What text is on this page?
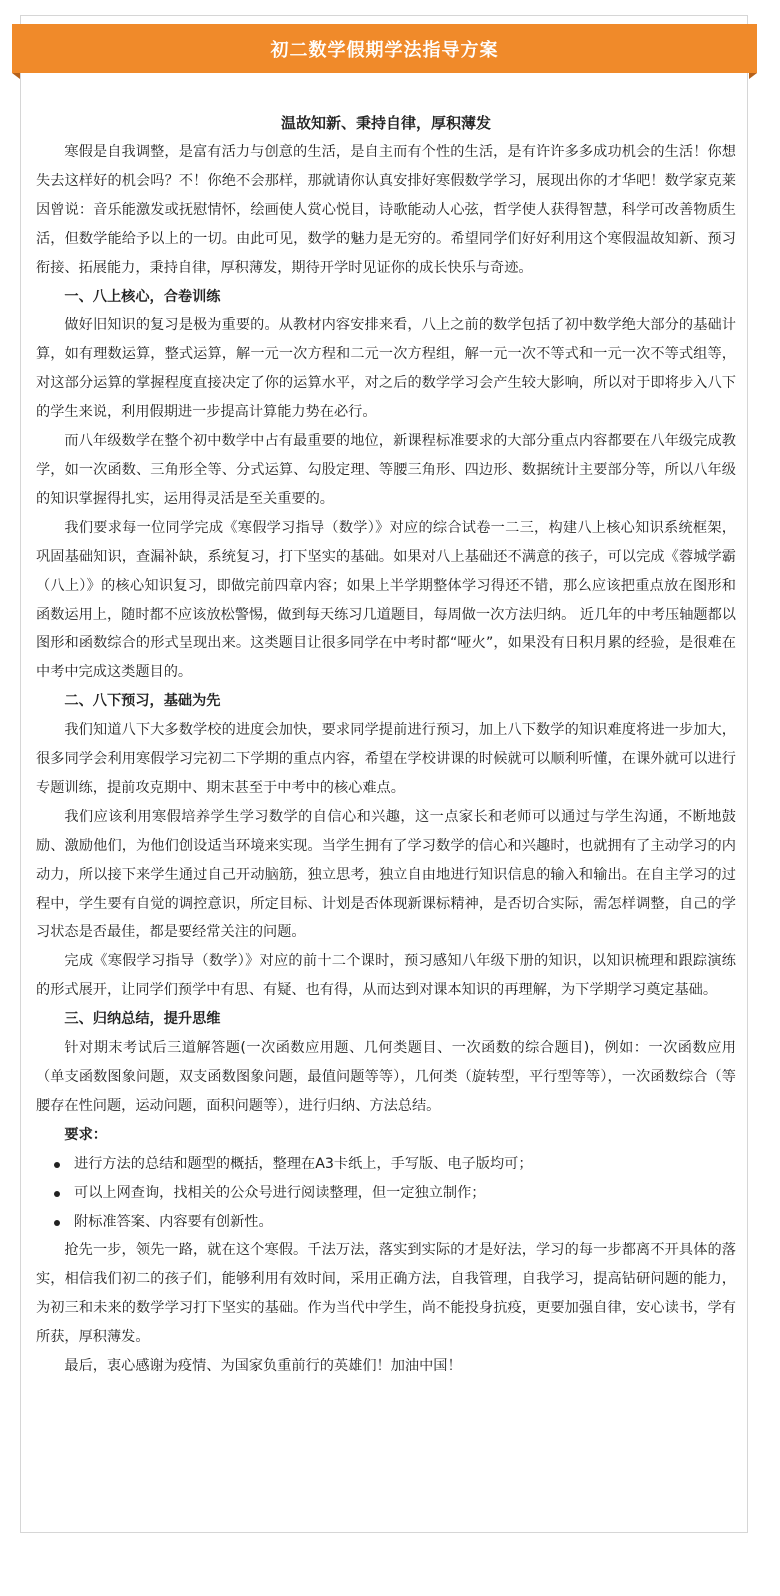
初二数学假期学法指导方案

温故知新、秉持自律，厚积薄发

寒假是自我调整，是富有活力与创意的生活，是自主而有个性的生活，是有许许多多成功机会的生活！你想失去这样好的机会吗？不！你绝不会那样，那就请你认真安排好寒假数学学习，展现出你的才华吧！数学家克莱因曾说：音乐能激发或抚慰情怀，绘画使人赏心悦目，诗歌能动人心弦，哲学使人获得智慧，科学可改善物质生活，但数学能给予以上的一切。由此可见，数学的魅力是无穷的。希望同学们好好利用这个寒假温故知新、预习衔接、拓展能力，秉持自律，厚积薄发，期待开学时见证你的成长快乐与奇迹。

一、八上核心，合卷训练

做好旧知识的复习是极为重要的。从教材内容安排来看，八上之前的数学包括了初中数学绝大部分的基础计算，如有理数运算，整式运算，解一元一次方程和二元一次方程组，解一元一次不等式和一元一次不等式组等，对这部分运算的掌握程度直接决定了你的运算水平，对之后的数学学习会产生较大影响，所以对于即将步入八下的学生来说，利用假期进一步提高计算能力势在必行。

而八年级数学在整个初中数学中占有最重要的地位，新课程标准要求的大部分重点内容都要在八年级完成教学，如一次函数、三角形全等、分式运算、勾股定理、等腰三角形、四边形、数据统计主要部分等，所以八年级的知识掌握得扎实，运用得灵活是至关重要的。

我们要求每一位同学完成《寒假学习指导（数学）》对应的综合试卷一二三，构建八上核心知识系统框架，巩固基础知识，查漏补缺，系统复习，打下坚实的基础。如果对八上基础还不满意的孩子，可以完成《蓉城学霸（八上）》的核心知识复习，即做完前四章内容；如果上半学期整体学习得还不错，那么应该把重点放在图形和函数运用上，随时都不应该放松警惕，做到每天练习几道题目，每周做一次方法归纳。 近几年的中考压轴题都以图形和函数综合的形式呈现出来。这类题目让很多同学在中考时都“哑火”，如果没有日积月累的经验，是很难在中考中完成这类题目的。

二、八下预习，基础为先

我们知道八下大多数学校的进度会加快，要求同学提前进行预习，加上八下数学的知识难度将进一步加大，很多同学会利用寒假学习完初二下学期的重点内容，希望在学校讲课的时候就可以顺利听懂，在课外就可以进行专题训练，提前攻克期中、期末甚至于中考中的核心难点。

我们应该利用寒假培养学生学习数学的自信心和兴趣，这一点家长和老师可以通过与学生沟通，不断地鼓励、激励他们，为他们创设适当环境来实现。当学生拥有了学习数学的信心和兴趣时，也就拥有了主动学习的内动力，所以接下来学生通过自己开动脑筋，独立思考，独立自由地进行知识信息的输入和输出。在自主学习的过程中，学生要有自觉的调控意识，所定目标、计划是否体现新课标精神，是否切合实际，需怎样调整，自己的学习状态是否最佳，都是要经常关注的问题。

完成《寒假学习指导（数学）》对应的前十二个课时，预习感知八年级下册的知识，以知识梳理和跟踪演练的形式展开，让同学们预学中有思、有疑、也有得，从而达到对课本知识的再理解，为下学期学习奠定基础。

三、归纳总结，提升思维

针对期末考试后三道解答题(一次函数应用题、几何类题目、一次函数的综合题目)，例如：一次函数应用（单支函数图象问题，双支函数图象问题，最值问题等等），几何类（旋转型，平行型等等），一次函数综合（等腰存在性问题，运动问题，面积问题等），进行归纳、方法总结。

要求：

进行方法的总结和题型的概括，整理在A3卡纸上，手写版、电子版均可；
可以上网查询，找相关的公众号进行阅读整理，但一定独立制作；
附标准答案、内容要有创新性。

抢先一步，领先一路，就在这个寒假。千法万法，落实到实际的才是好法，学习的每一步都离不开具体的落实，相信我们初二的孩子们，能够利用有效时间，采用正确方法，自我管理，自我学习，提高钻研问题的能力，为初三和未来的数学学习打下坚实的基础。作为当代中学生，尚不能投身抗疫，更要加强自律，安心读书，学有所获，厚积薄发。

最后，衷心感谢为疫情、为国家负重前行的英雄们！加油中国！
